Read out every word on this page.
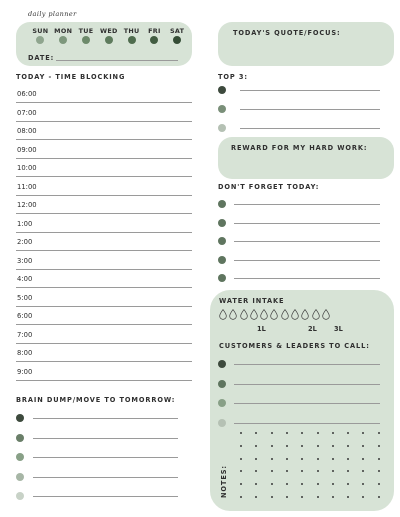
daily planner
SUN MON TUE	WED THU	FRI	SAT
DATE:
TODAY'S QUOTE/FOCUS:
TODAY - TIME BLOCKING
06:00
07:00
08:00
09:00
10:00
11:00
12:00
1:00
2:00
3:00
4:00
5:00
6:00
7:00
8:00
9:00
TOP 3:
REWARD FOR MY HARD WORK:
DON'T FORGET TODAY:
WATER INTAKE
1L	2L	3L
CUSTOMERS & LEADERS TO CALL:
NOTES:
BRAIN DUMP/MOVE TO TOMORROW:
